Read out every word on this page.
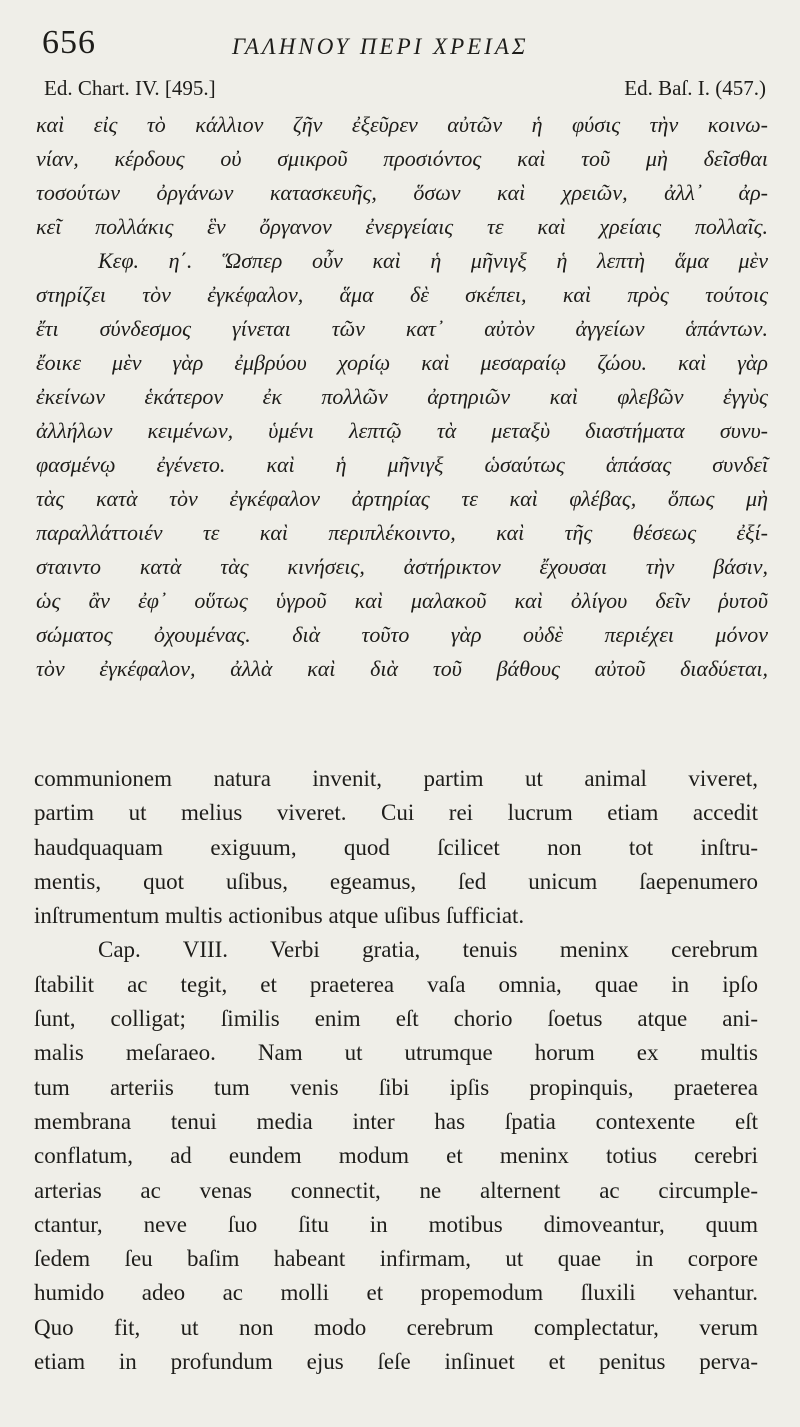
656	ΓΑΛΗΝΟΥ ΠΕΡΙ ΧΡΕΙΑΣ
Ed. Chart. IV. [495.]	Ed. Baſ. I. (457.)
καὶ εἰς τὸ κάλλιον ζῆν ἐξεῦρεν αὐτῶν ἡ φύσις τὴν κοινω-
νίαν, κέρδους οὐ σμικροῦ προσιόντος καὶ τοῦ μὴ δεῖσθαι
τοσούτων ὀργάνων κατασκευῆς, ὅσων καὶ χρειῶν, ἀλλ᾽ ἀρ-
κεῖ πολλάκις ἓν ὄργανον ἐνεργείαις τε καὶ χρείαις πολλαῖς.
Κεφ. η΄. Ὥσπερ οὖν καὶ ἡ μῆνιγξ ἡ λεπτὴ ἅμα μὲν
στηρίζει τὸν ἐγκέφαλον, ἅμα δὲ σκέπει, καὶ πρὸς τούτοις
ἔτι σύνδεσμος γίνεται τῶν κατ᾽ αὐτὸν ἀγγείων ἁπάντων.
ἔοικε μὲν γὰρ ἐμβρύου χορίῳ καὶ μεσαραίῳ ζώου. καὶ γὰρ
ἐκείνων ἑκάτερον ἐκ πολλῶν ἀρτηριῶν καὶ φλεβῶν ἐγγὺς
ἀλλήλων κειμένων, ὑμένι λεπτῷ τὰ μεταξὺ διαστήματα συνυ-
φασμένῳ ἐγένετο. καὶ ἡ μῆνιγξ ὡσαύτως ἁπάσας συνδεῖ
τὰς κατὰ τὸν ἐγκέφαλον ἀρτηρίας τε καὶ φλέβας, ὅπως μὴ
παραλλάττοιέν τε καὶ περιπλέκοιντο, καὶ τῆς θέσεως ἐξί-
σταιντο κατὰ τὰς κινήσεις, ἀστήρικτον ἔχουσαι τὴν βάσιν,
ὡς ἂν ἐφ᾽ οὕτως ὑγροῦ καὶ μαλακοῦ καὶ ὀλίγου δεῖν ῥυτοῦ
σώματος ὀχουμένας. διὰ τοῦτο γὰρ οὐδὲ περιέχει μόνον
τὸν ἐγκέφαλον, ἀλλὰ καὶ διὰ τοῦ βάθους αὐτοῦ διαδύεται,
communionem natura invenit, partim ut animal viveret,
partim ut melius viveret. Cui rei lucrum etiam accedit
haudquaquam exiguum, quod ſcilicet non tot inſtru-
mentis, quot uſibus, egeamus, ſed unicum ſaepenumero
inſtrumentum multis actionibus atque uſibus ſufficiat.
Cap. VIII. Verbi gratia, tenuis meninx cerebrum
ſtabilit ac tegit, et praeterea vaſa omnia, quae in ipſo
ſunt, colligat; ſimilis enim eſt chorio ſoetus atque ani-
malis meſaraeo. Nam ut utrumque horum ex multis
tum arteriis tum venis ſibi ipſis propinquis, praeterea
membrana tenui media inter has ſpatia contexente eſt
conflatum, ad eundem modum et meninx totius cerebri
arterias ac venas connectit, ne alternent ac circumple-
ctantur, neve ſuo ſitu in motibus dimoveantur, quum
ſedem ſeu baſim habeant infirmam, ut quae in corpore
humido adeo ac molli et propemodum ſluxili vehantur.
Quo fit, ut non modo cerebrum complectatur, verum
etiam in profundum ejus ſeſe inſinuet et penitus perva-
